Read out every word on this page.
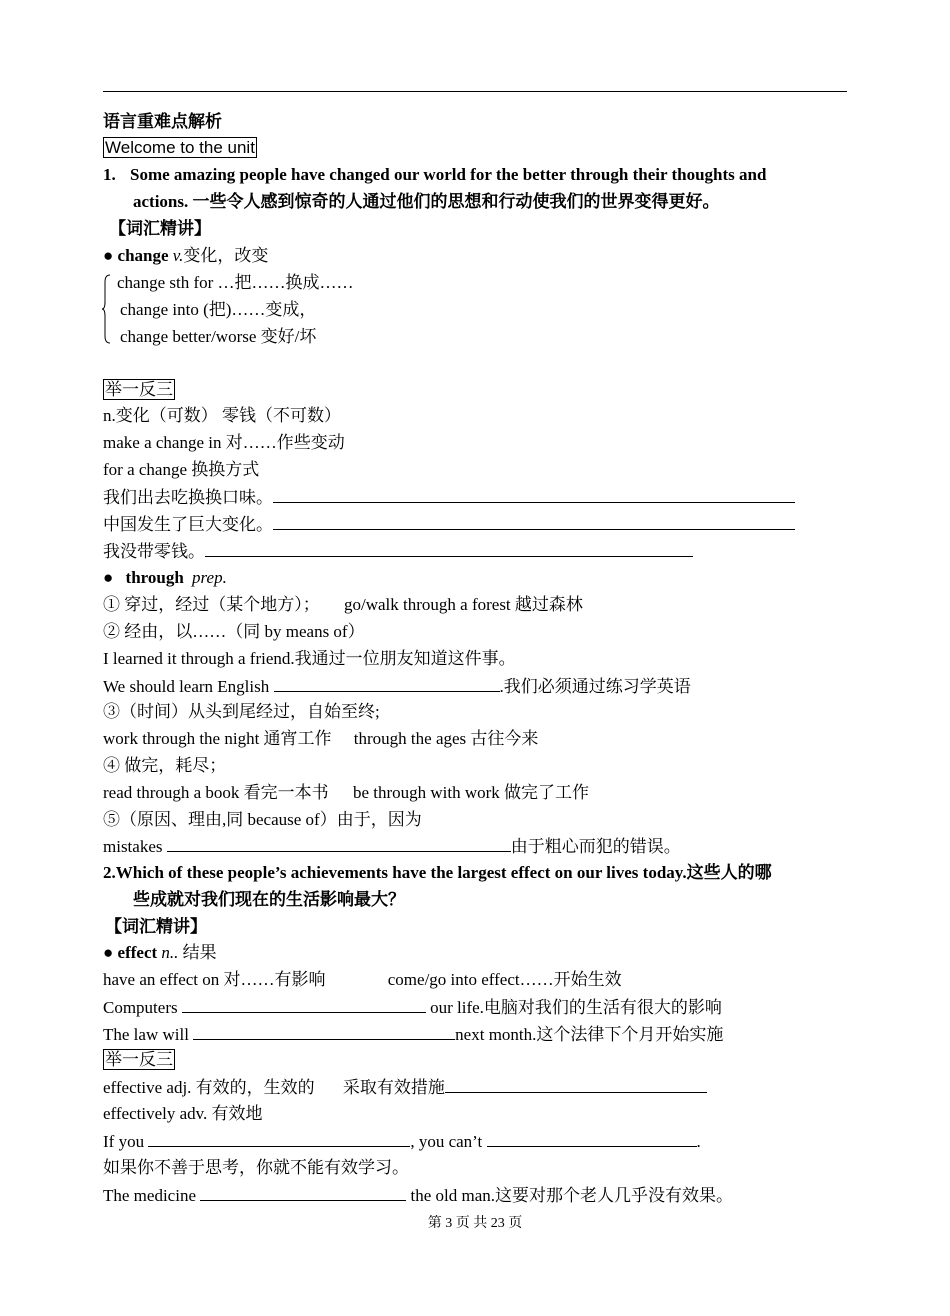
语言重难点解析
Welcome to the unit
1. Some amazing people have changed our world for the better through their thoughts and
actions. 一些令人感到惊奇的人通过他们的思想和行动使我们的世界变得更好。
【词汇精讲】
● change v.变化，改变
change sth for …把……换成……
change into (把)……变成，
change better/worse 变好/坏
举一反三
n.变化（可数） 零钱（不可数）
make a change in 对……作些变动
for a change 换换方式
我们出去吃换换口味。
中国发生了巨大变化。
我没带零钱。
● through prep.
① 穿过，经过（某个地方）； go/walk through a forest 越过森林
② 经由，以……（同 by means of）
I learned it through a friend.我通过一位朋友知道这件事。
We should learn English	.我们必须通过练习学英语
③（时间）从头到尾经过，自始至终;
work through the night 通宵工作 through the ages 古往今来
④ 做完，耗尽；
read through a book 看完一本书 be through with work 做完了工作
⑤（原因、理由,同 because of）由于，因为
mistakes	由于粗心而犯的错误。
2.Which of these people’s achievements have the largest effect on our lives today.这些人的哪
些成就对我们现在的生活影响最大？
【词汇精讲】
● effect n.. 结果
have an effect on 对……有影响	come/go into effect……开始生效
Computers	our life.电脑对我们的生活有很大的影响
The law will	next month.这个法律下个月开始实施
举一反三
effective adj. 有效的，生效的 采取有效措施
effectively adv. 有效地
If you	, you can’t	.
如果你不善于思考，你就不能有效学习。
The medicine	the old man.这要对那个老人几乎没有效果。
第 3 页 共 23 页
